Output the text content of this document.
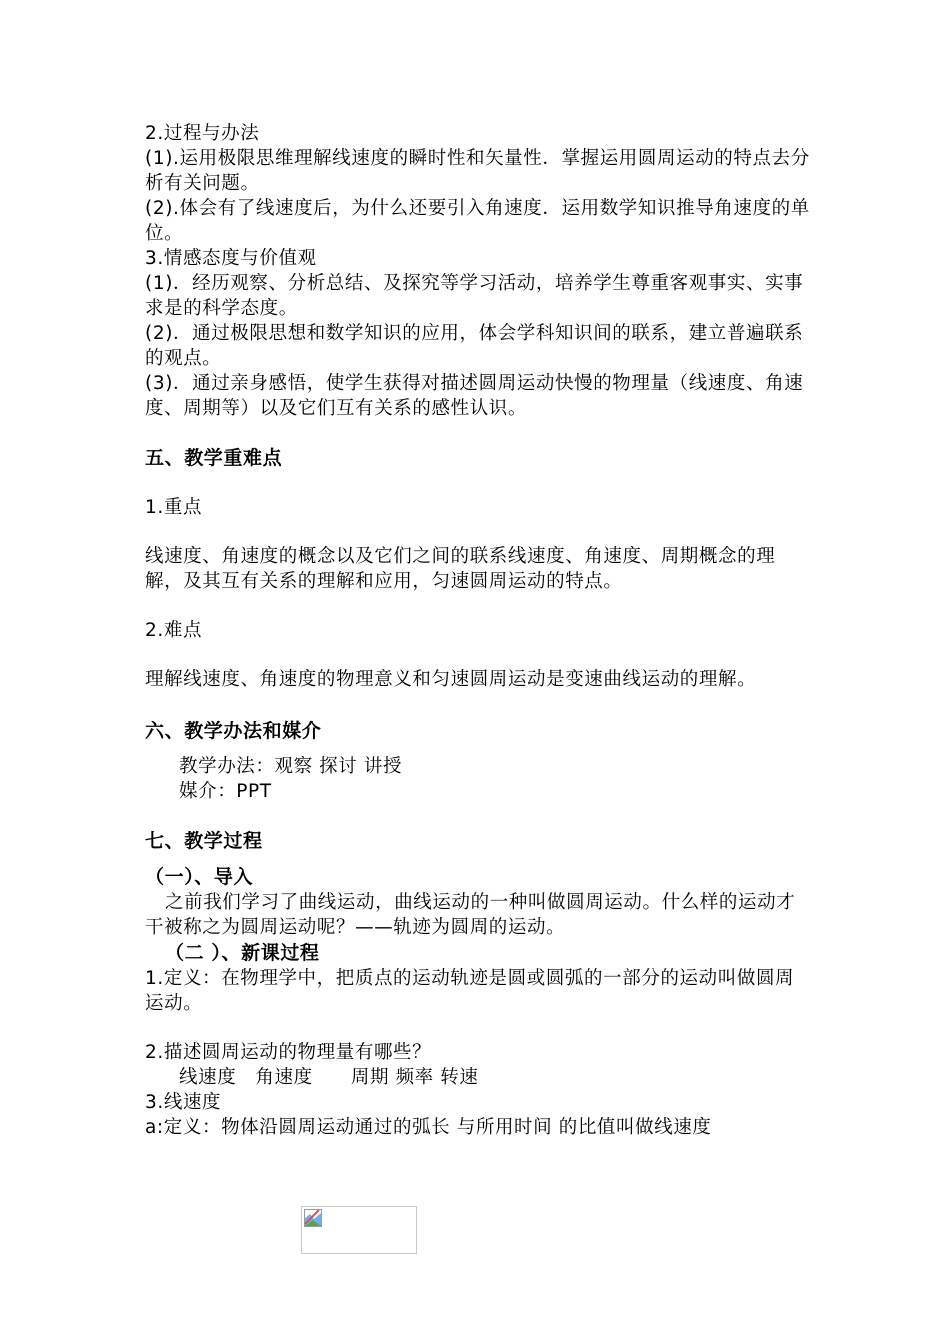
2.过程与办法

(1).运用极限思维理解线速度的瞬时性和矢量性．掌握运用圆周运动的特点去分析有关问题。

(2).体会有了线速度后，为什么还要引入角速度．运用数学知识推导角速度的单位。

3.情感态度与价值观

(1)．经历观察、分析总结、及探究等学习活动，培养学生尊重客观事实、实事求是的科学态度。

(2)．通过极限思想和数学知识的应用，体会学科知识间的联系，建立普遍联系的观点。

(3)．通过亲身感悟，使学生获得对描述圆周运动快慢的物理量（线速度、角速度、周期等）以及它们互有关系的感性认识。

五、教学重难点

1.重点

线速度、角速度的概念以及它们之间的联系线速度、角速度、周期概念的理解，及其互有关系的理解和应用，匀速圆周运动的特点。

2.难点

理解线速度、角速度的物理意义和匀速圆周运动是变速曲线运动的理解。

六、教学办法和媒介

教学办法：观察 探讨 讲授

媒介：PPT

七、教学过程

（一）、导入

之前我们学习了曲线运动，曲线运动的一种叫做圆周运动。什么样的运动才干被称之为圆周运动呢？——轨迹为圆周的运动。

（二 ）、新课过程

1.定义：在物理学中，把质点的运动轨迹是圆或圆弧的一部分的运动叫做圆周运动。

2.描述圆周运动的物理量有哪些？

线速度　角速度　　周期 频率 转速

3.线速度

a:定义：物体沿圆周运动通过的弧长 与所用时间 的比值叫做线速度
